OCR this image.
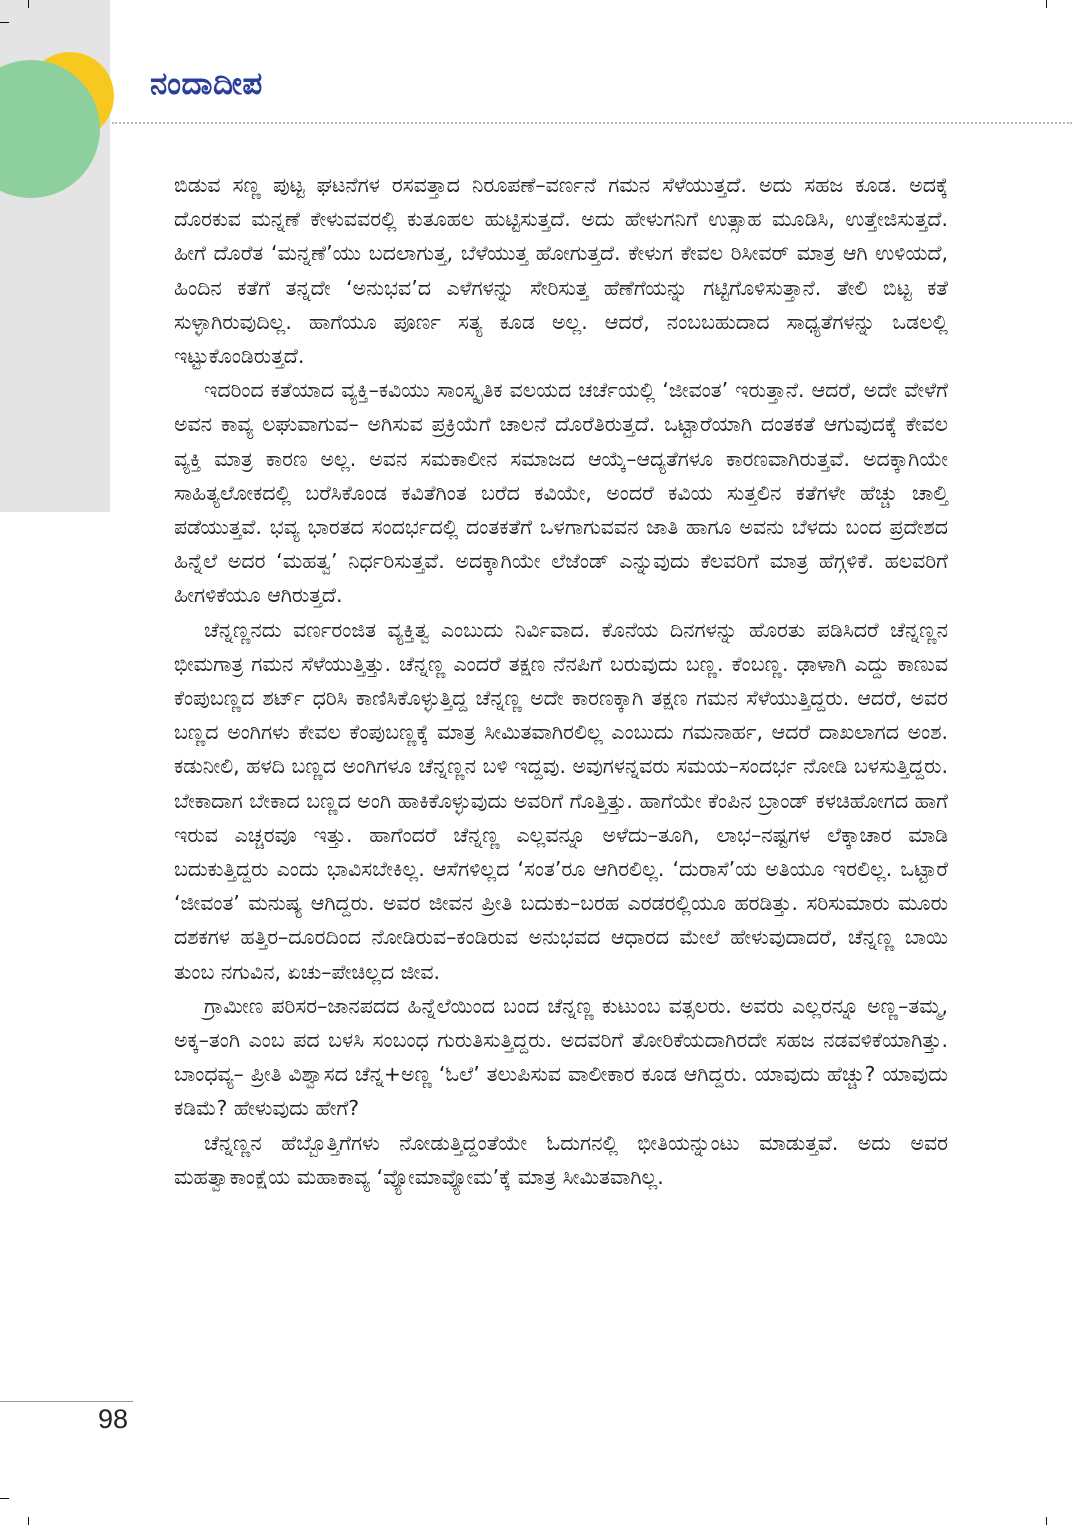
ನಂದಾದೀಪ

ಬಿಡುವ ಸಣ್ಣ ಪುಟ್ಟ ಘಟನೆಗಳ ರಸವತ್ತಾದ ನಿರೂಪಣೆ–ವರ್ಣನೆ ಗಮನ ಸೆಳೆಯುತ್ತದೆ. ಅದು ಸಹಜ ಕೂಡ. ಅದಕ್ಕೆ ದೊರಕುವ ಮನ್ನಣೆ ಕೇಳುವವರಲ್ಲಿ ಕುತೂಹಲ ಹುಟ್ಟಿಸುತ್ತದೆ. ಅದು ಹೇಳುಗನಿಗೆ ಉತ್ಸಾಹ ಮೂಡಿಸಿ, ಉತ್ತೇಜಿಸುತ್ತದೆ. ಹೀಗೆ ದೊರೆತ ‘ಮನ್ನಣೆ’ಯು ಬದಲಾಗುತ್ತ, ಬೆಳೆಯುತ್ತ ಹೋಗುತ್ತದೆ. ಕೇಳುಗ ಕೇವಲ ರಿಸೀವರ್ ಮಾತ್ರ ಆಗಿ ಉಳಿಯದೆ, ಹಿಂದಿನ ಕತೆಗೆ ತನ್ನದೇ ‘ಅನುಭವ’ದ ಎಳೆಗಳನ್ನು ಸೇರಿಸುತ್ತ ಹೆಣೆಗೆಯನ್ನು ಗಟ್ಟಿಗೊಳಿಸುತ್ತಾನೆ. ತೇಲಿ ಬಿಟ್ಟ ಕತೆ ಸುಳ್ಳಾಗಿರುವುದಿಲ್ಲ. ಹಾಗೆಯೂ ಪೂರ್ಣ ಸತ್ಯ ಕೂಡ ಅಲ್ಲ. ಆದರೆ, ನಂಬಬಹುದಾದ ಸಾಧ್ಯತೆಗಳನ್ನು ಒಡಲಲ್ಲಿ ಇಟ್ಟುಕೊಂಡಿರುತ್ತದೆ.

ಇದರಿಂದ ಕತೆಯಾದ ವ್ಯಕ್ತಿ–ಕವಿಯು ಸಾಂಸ್ಕೃತಿಕ ವಲಯದ ಚರ್ಚೆಯಲ್ಲಿ ‘ಜೀವಂತ’ ಇರುತ್ತಾನೆ. ಆದರೆ, ಅದೇ ವೇಳೆಗೆ ಅವನ ಕಾವ್ಯ ಲಘುವಾಗುವ– ಅಗಿಸುವ ಪ್ರಕ್ರಿಯೆಗೆ ಚಾಲನೆ ದೊರೆತಿರುತ್ತದೆ. ಒಟ್ಟಾರೆಯಾಗಿ ದಂತಕತೆ ಆಗುವುದಕ್ಕೆ ಕೇವಲ ವ್ಯಕ್ತಿ ಮಾತ್ರ ಕಾರಣ ಅಲ್ಲ. ಅವನ ಸಮಕಾಲೀನ ಸಮಾಜದ ಆಯ್ಕೆ–ಆದ್ಯತೆಗಳೂ ಕಾರಣವಾಗಿರುತ್ತವೆ. ಅದಕ್ಕಾಗಿಯೇ ಸಾಹಿತ್ಯಲೋಕದಲ್ಲಿ ಬರೆಸಿಕೊಂಡ ಕವಿತೆಗಿಂತ ಬರೆದ ಕವಿಯೇ, ಅಂದರೆ ಕವಿಯ ಸುತ್ತಲಿನ ಕತೆಗಳೇ ಹೆಚ್ಚು ಚಾಲ್ತಿ ಪಡೆಯುತ್ತವೆ. ಭವ್ಯ ಭಾರತದ ಸಂದರ್ಭದಲ್ಲಿ ದಂತಕತೆಗೆ ಒಳಗಾಗುವವನ ಜಾತಿ ಹಾಗೂ ಅವನು ಬೆಳದು ಬಂದ ಪ್ರದೇಶದ ಹಿನ್ನೆಲೆ ಅದರ ‘ಮಹತ್ವ’ ನಿರ್ಧರಿಸುತ್ತವೆ. ಅದಕ್ಕಾಗಿಯೇ ಲೆಜೆಂಡ್ ಎನ್ನುವುದು ಕೆಲವರಿಗೆ ಮಾತ್ರ ಹೆಗ್ಗಳಿಕೆ. ಹಲವರಿಗೆ ಹೀಗಳಿಕೆಯೂ ಆಗಿರುತ್ತದೆ.

ಚೆನ್ನಣ್ಣನದು ವರ್ಣರಂಜಿತ ವ್ಯಕ್ತಿತ್ವ ಎಂಬುದು ನಿರ್ವಿವಾದ. ಕೊನೆಯ ದಿನಗಳನ್ನು ಹೊರತು ಪಡಿಸಿದರೆ ಚೆನ್ನಣ್ಣನ ಭೀಮಗಾತ್ರ ಗಮನ ಸೆಳೆಯುತ್ತಿತ್ತು. ಚೆನ್ನಣ್ಣ ಎಂದರೆ ತಕ್ಷಣ ನೆನಪಿಗೆ ಬರುವುದು ಬಣ್ಣ. ಕೆಂಬಣ್ಣ. ಢಾಳಾಗಿ ಎದ್ದು ಕಾಣುವ ಕೆಂಪುಬಣ್ಣದ ಶರ್ಟ್ ಧರಿಸಿ ಕಾಣಿಸಿಕೊಳ್ಳುತ್ತಿದ್ದ ಚೆನ್ನಣ್ಣ ಅದೇ ಕಾರಣಕ್ಕಾಗಿ ತಕ್ಷಣ ಗಮನ ಸೆಳೆಯುತ್ತಿದ್ದರು. ಆದರೆ, ಅವರ ಬಣ್ಣದ ಅಂಗಿಗಳು ಕೇವಲ ಕೆಂಪುಬಣ್ಣಕ್ಕೆ ಮಾತ್ರ ಸೀಮಿತವಾಗಿರಲಿಲ್ಲ ಎಂಬುದು ಗಮನಾರ್ಹ, ಆದರೆ ದಾಖಲಾಗದ ಅಂಶ. ಕಡುನೀಲಿ, ಹಳದಿ ಬಣ್ಣದ ಅಂಗಿಗಳೂ ಚೆನ್ನಣ್ಣನ ಬಳಿ ಇದ್ದವು. ಅವುಗಳನ್ನವರು ಸಮಯ–ಸಂದರ್ಭ ನೋಡಿ ಬಳಸುತ್ತಿದ್ದರು. ಬೇಕಾದಾಗ ಬೇಕಾದ ಬಣ್ಣದ ಅಂಗಿ ಹಾಕಿಕೊಳ್ಳುವುದು ಅವರಿಗೆ ಗೊತ್ತಿತ್ತು. ಹಾಗೆಯೇ ಕೆಂಪಿನ ಬ್ರಾಂಡ್ ಕಳಚಿಹೋಗದ ಹಾಗೆ ಇರುವ ಎಚ್ಚರವೂ ಇತ್ತು. ಹಾಗೆಂದರೆ ಚೆನ್ನಣ್ಣ ಎಲ್ಲವನ್ನೂ ಅಳೆದು–ತೂಗಿ, ಲಾಭ–ನಷ್ಟಗಳ ಲೆಕ್ಕಾಚಾರ ಮಾಡಿ ಬದುಕುತ್ತಿದ್ದರು ಎಂದು ಭಾವಿಸಬೇಕಿಲ್ಲ. ಆಸೆಗಳಿಲ್ಲದ ‘ಸಂತ’ರೂ ಆಗಿರಲಿಲ್ಲ. ‘ದುರಾಸೆ’ಯ ಅತಿಯೂ ಇರಲಿಲ್ಲ. ಒಟ್ಟಾರೆ ‘ಜೀವಂತ’ ಮನುಷ್ಯ ಆಗಿದ್ದರು. ಅವರ ಜೀವನ ಪ್ರೀತಿ ಬದುಕು–ಬರಹ ಎರಡರಲ್ಲಿಯೂ ಹರಡಿತ್ತು. ಸರಿಸುಮಾರು ಮೂರು ದಶಕಗಳ ಹತ್ತಿರ–ದೂರದಿಂದ ನೋಡಿರುವ–ಕಂಡಿರುವ ಅನುಭವದ ಆಧಾರದ ಮೇಲೆ ಹೇಳುವುದಾದರೆ, ಚೆನ್ನಣ್ಣ ಬಾಯಿ ತುಂಬ ನಗುವಿನ, ಏಚು–ಪೇಚಿಲ್ಲದ ಜೀವ.

ಗ್ರಾಮೀಣ ಪರಿಸರ–ಜಾನಪದದ ಹಿನ್ನೆಲೆಯಿಂದ ಬಂದ ಚೆನ್ನಣ್ಣ ಕುಟುಂಬ ವತ್ಸಲರು. ಅವರು ಎಲ್ಲರನ್ನೂ ಅಣ್ಣ–ತಮ್ಮ, ಅಕ್ಕ–ತಂಗಿ ಎಂಬ ಪದ ಬಳಸಿ ಸಂಬಂಧ ಗುರುತಿಸುತ್ತಿದ್ದರು. ಅದವರಿಗೆ ತೋರಿಕೆಯದಾಗಿರದೇ ಸಹಜ ನಡವಳಿಕೆಯಾಗಿತ್ತು. ಬಾಂಧವ್ಯ– ಪ್ರೀತಿ ವಿಶ್ವಾಸದ ಚೆನ್ನ+ಅಣ್ಣ ‘ಓಲೆ’ ತಲುಪಿಸುವ ವಾಲೀಕಾರ ಕೂಡ ಆಗಿದ್ದರು. ಯಾವುದು ಹೆಚ್ಚು? ಯಾವುದು ಕಡಿಮೆ? ಹೇಳುವುದು ಹೇಗೆ?

ಚೆನ್ನಣ್ಣನ ಹೆಬ್ಬೊತ್ತಿಗೆಗಳು ನೋಡುತ್ತಿದ್ದಂತೆಯೇ ಓದುಗನಲ್ಲಿ ಭೀತಿಯನ್ನುಂಟು ಮಾಡುತ್ತವೆ. ಅದು ಅವರ ಮಹತ್ವಾಕಾಂಕ್ಷೆಯ ಮಹಾಕಾವ್ಯ ‘ವ್ಯೋಮಾವ್ಯೋಮ’ಕ್ಕೆ ಮಾತ್ರ ಸೀಮಿತವಾಗಿಲ್ಲ.

98
